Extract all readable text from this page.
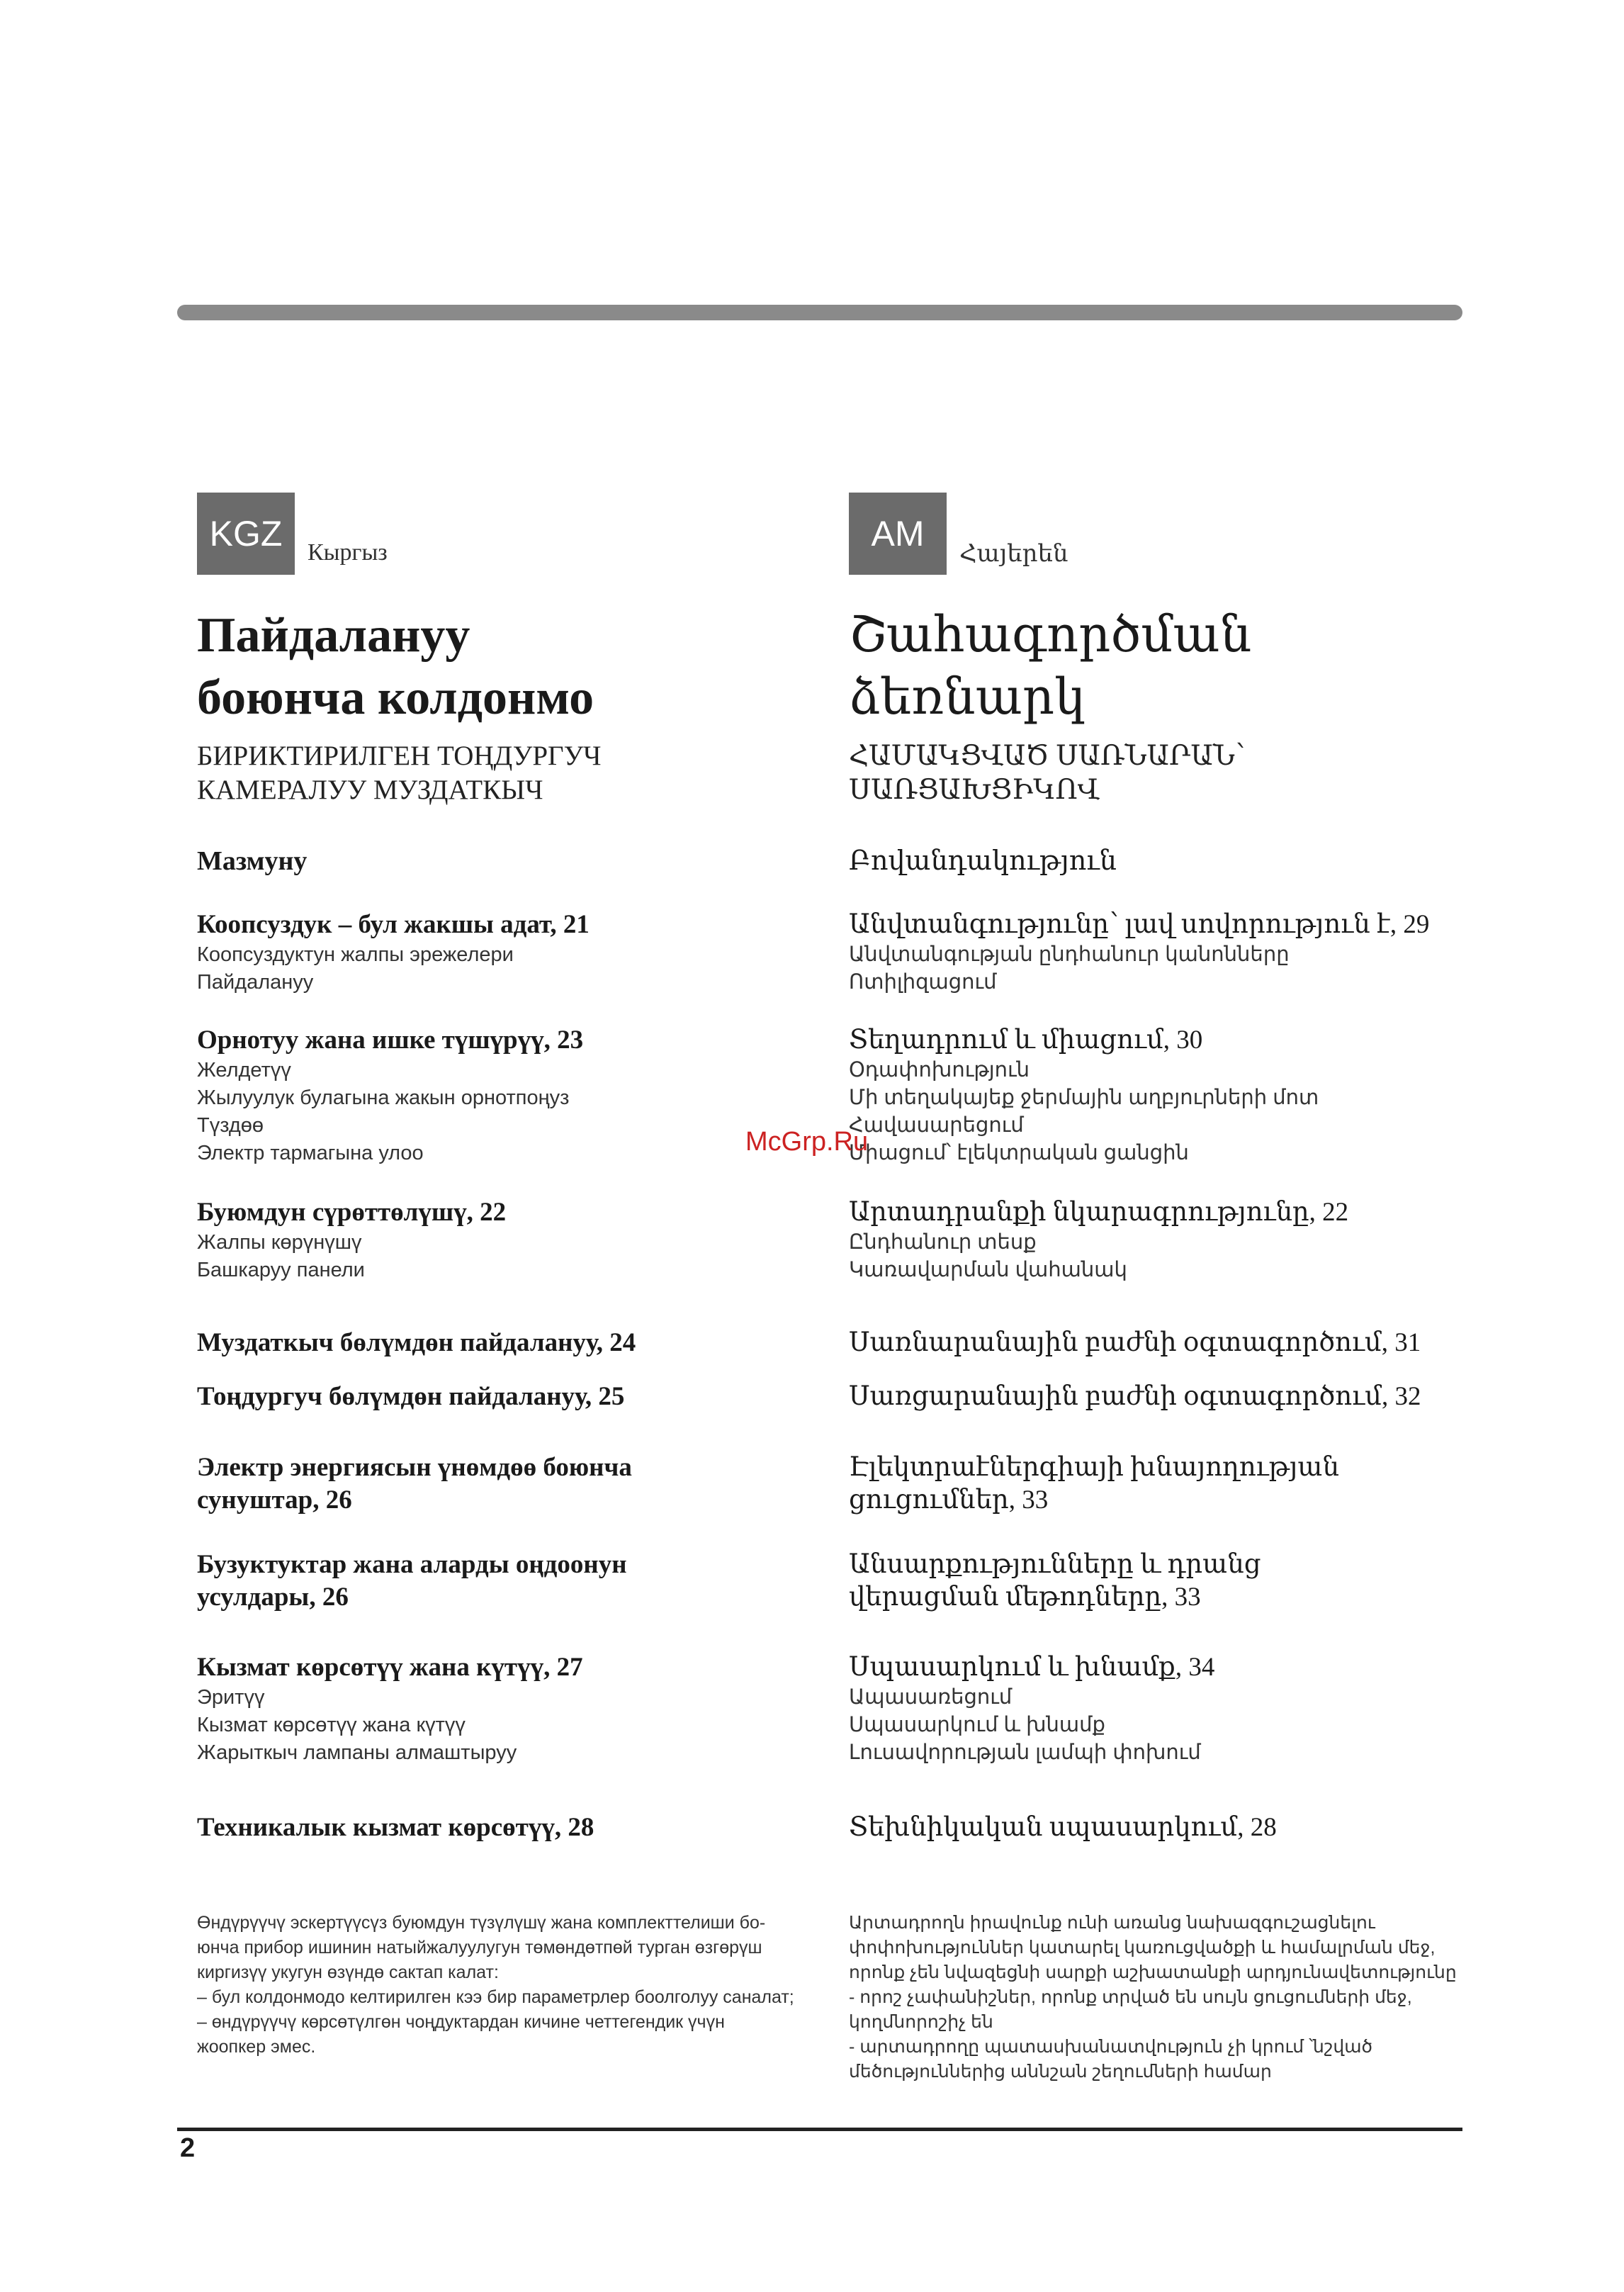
KGZ	Кыргыз
Пайдалануу
боюнча колдонмо
БИРИКТИРИЛГЕН ТОҢДУРГУЧ
КАМЕРАЛУУ МУЗДАТКЫЧ
Мазмуну
Коопсуздук – бул жакшы адат, 21
Коопсуздуктун жалпы эрежелери
Пайдалануу
Орнотуу жана ишке түшүрүү, 23
Желдетүү
Жылуулук булагына жакын орнотпоңуз
Түздөө
Электр тармагына улоо
Буюмдун сүрөттөлүшү, 22
Жалпы көрүнүшү
Башкаруу панели
Муздаткыч бөлүмдөн пайдалануу, 24
Тоңдургуч бөлүмдөн пайдалануу, 25
Электр энергиясын үнөмдөө боюнча сунуштар, 26
Бузуктуктар жана аларды оңдоонун усулдары, 26
Кызмат көрсөтүү жана күтүү, 27
Эритүү
Кызмат көрсөтүү жана күтүү
Жарыткыч лампаны алмаштыруу
Техникалык кызмат көрсөтүү, 28
Өндүрүүчү эскертүүсүз буюмдун түзүлүшү жана комплекттелиши бо-
юнча прибор ишинин натыйжалуулугун төмөндөтпөй турган өзгөрүш
киргизүү укугун өзүндө сактап калат:
– бул колдонмодо келтирилген кээ бир параметрлер боолголуу саналат;
– өндүрүүчү көрсөтүлгөн чоңдуктардан кичине четтегендик үчүн
жоопкер эмес.
AM
Հայերեն
Շահագործման
ձեռնարկ
ՀԱՄԱԿՑՎԱԾ ՍԱՌՆԱՐԱՆ՝
ՍԱՌՑԱԽՑԻԿՈՎ
Բովանդակություն
Անվտանգությունը՝ լավ սովորություն է, 29
Անվտանգության ընդհանուր կանոնները
Ոտիլիզացում
Տեղադրում և միացում, 30
Օդափոխություն
Մի տեղակայեք ջերմային աղբյուրների մոտ
Հավասարեցում
Միացում՝ էլեկտրական ցանցին
Արտադրանքի նկարագրությունը, 22
Ընդհանուր տեսք
Կառավարման վահանակ
Սառնարանային բաժնի օգտագործում, 31
Սառցարանային բաժնի օգտագործում, 32
Էլեկտրաէներգիայի խնայողության ցուցումներ, 33
Անսարքությունները և դրանց վերացման մեթոդները, 33
Սպասարկում և խնամք, 34
Ապասառեցում
Սպասարկում և խնամք
Լուսավորության լամպի փոխում
Տեխնիկական սպասարկում, 28
Արտադրողն իրավունք ունի առանց նախազգուշացնելու
փոփոխություններ կատարել կառուցվածքի և համալրման մեջ,
որոնք չեն նվազեցնի սարքի աշխատանքի արդյունավետությունը
- որոշ չափանիշներ, որոնք տրված են սույն ցուցումների մեջ,
կողմնորոշիչ են
- արտադրողը պատասխանատվություն չի կրում ՝նշված
մեծություններից աննշան շեղումների համար
McGrp.Ru
2
